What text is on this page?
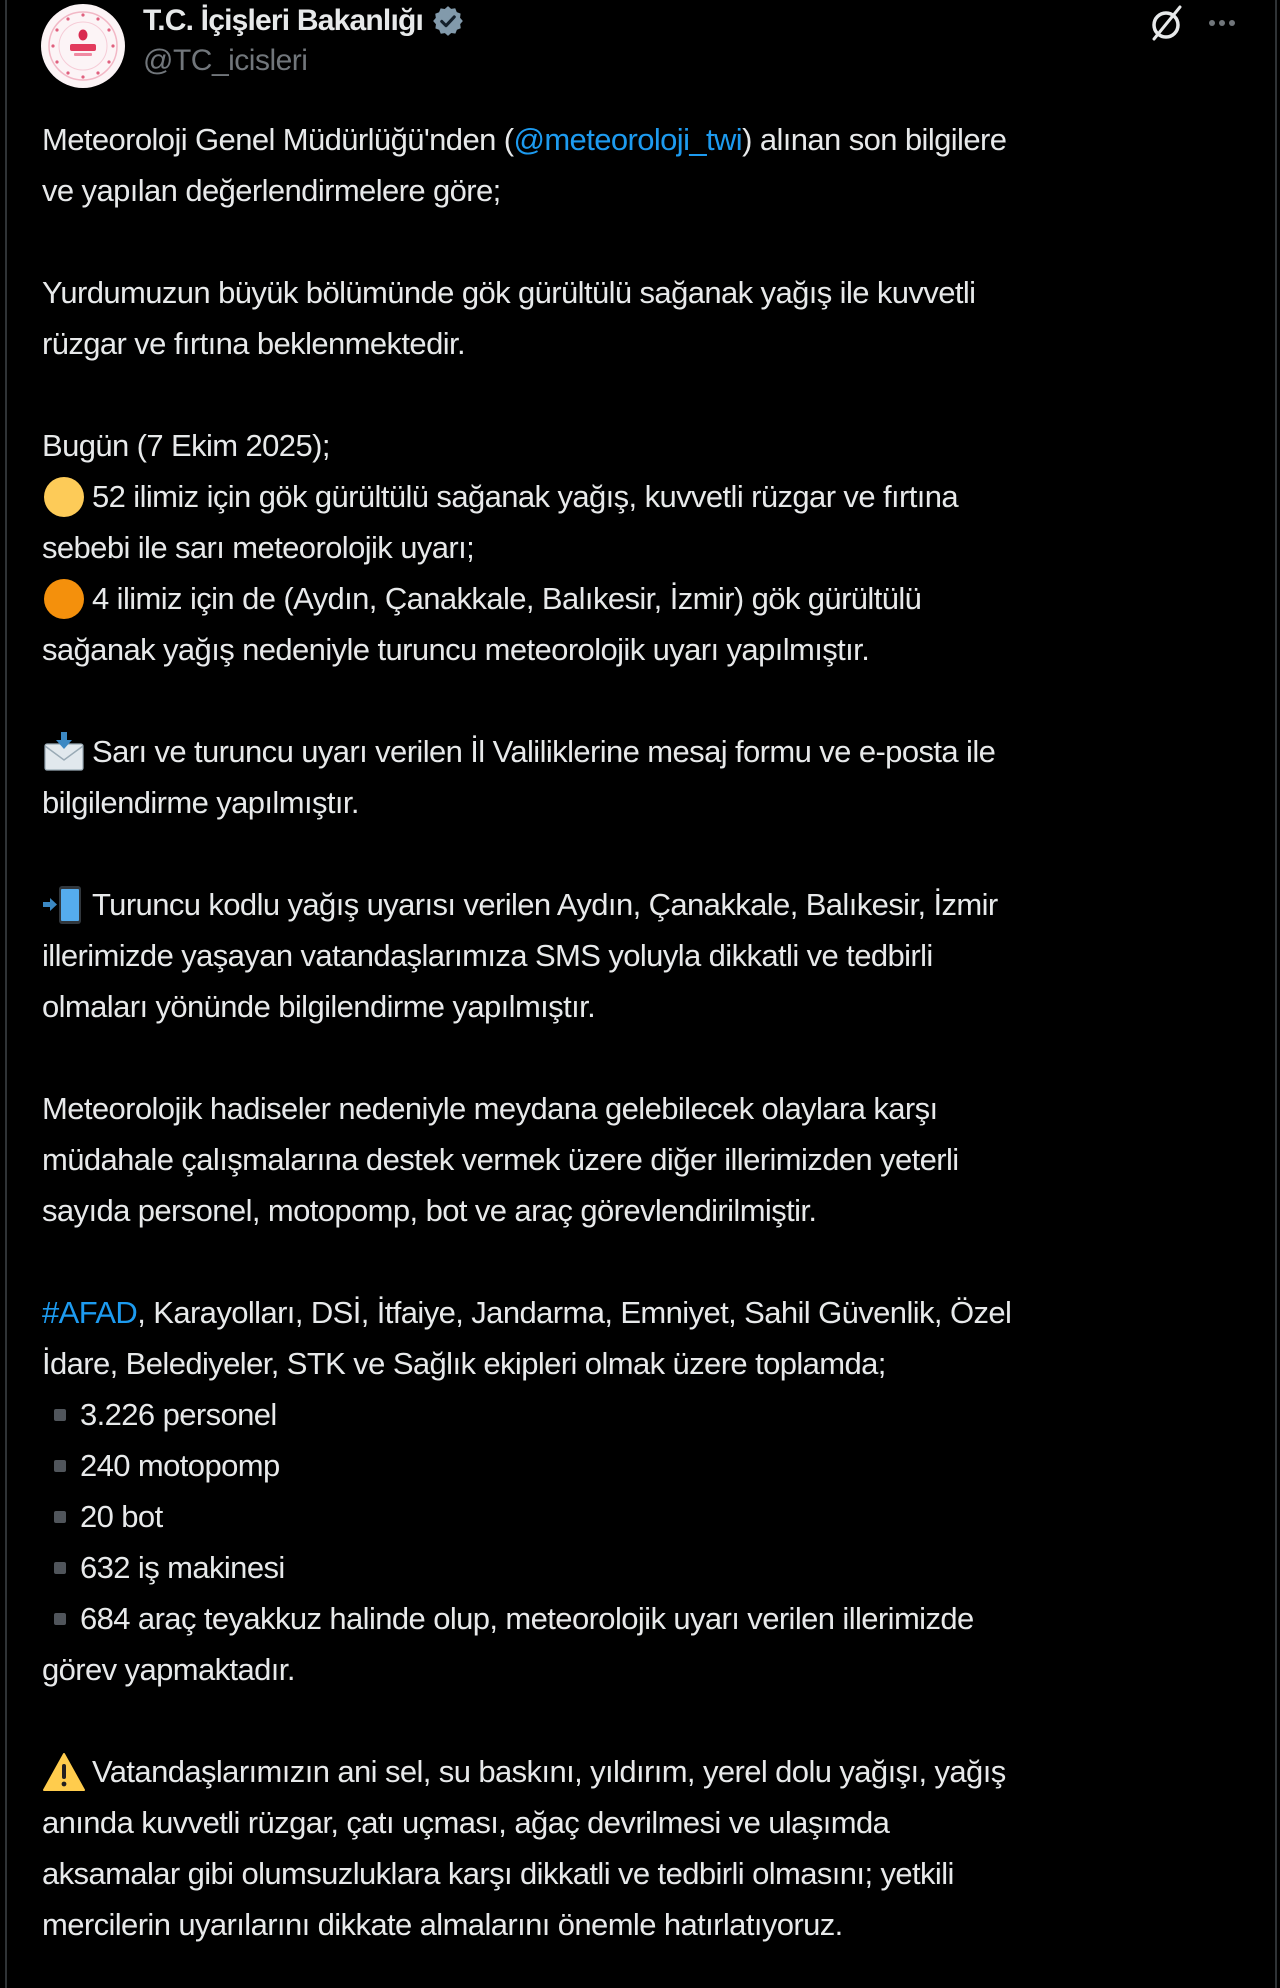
T.C. İçişleri Bakanlığı
@TC_icisleri
Meteoroloji Genel Müdürlüğü'nden ( @meteoroloji_twi ) alınan son bilgilere
ve yapılan değerlendirmelere göre;
Yurdumuzun büyük bölümünde gök gürültülü sağanak yağış ile kuvvetli
rüzgar ve fırtına beklenmektedir.
Bugün (7 Ekim 2025);
52 ilimiz için gök gürültülü sağanak yağış, kuvvetli rüzgar ve fırtına
sebebi ile sarı meteorolojik uyarı;
4 ilimiz için de (Aydın, Çanakkale, Balıkesir, İzmir) gök gürültülü
sağanak yağış nedeniyle turuncu meteorolojik uyarı yapılmıştır.
Sarı ve turuncu uyarı verilen İl Valiliklerine mesaj formu ve e-posta ile
bilgilendirme yapılmıştır.
Turuncu kodlu yağış uyarısı verilen Aydın, Çanakkale, Balıkesir, İzmir
illerimizde yaşayan vatandaşlarımıza SMS yoluyla dikkatli ve tedbirli
olmaları yönünde bilgilendirme yapılmıştır.
Meteorolojik hadiseler nedeniyle meydana gelebilecek olaylara karşı
müdahale çalışmalarına destek vermek üzere diğer illerimizden yeterli
sayıda personel, motopomp, bot ve araç görevlendirilmiştir.
#AFAD , Karayolları, DSİ, İtfaiye, Jandarma, Emniyet, Sahil Güvenlik, Özel
İdare, Belediyeler, STK ve Sağlık ekipleri olmak üzere toplamda;
3.226 personel
240 motopomp
20 bot
632 iş makinesi
684 araç teyakkuz halinde olup, meteorolojik uyarı verilen illerimizde
görev yapmaktadır.
Vatandaşlarımızın ani sel, su baskını, yıldırım, yerel dolu yağışı, yağış
anında kuvvetli rüzgar, çatı uçması, ağaç devrilmesi ve ulaşımda
aksamalar gibi olumsuzluklara karşı dikkatli ve tedbirli olmasını; yetkili
mercilerin uyarılarını dikkate almalarını önemle hatırlatıyoruz.
